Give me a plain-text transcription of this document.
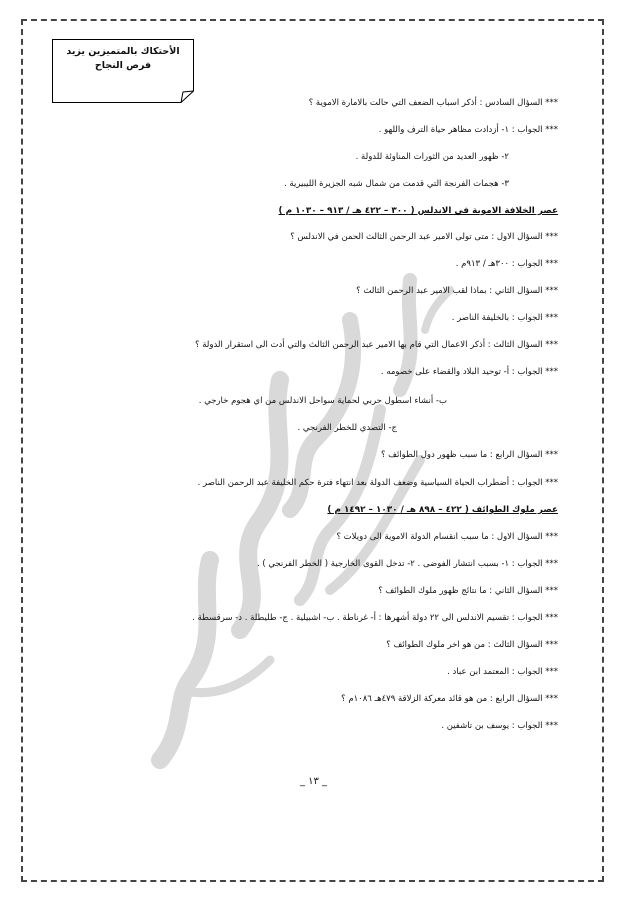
الأحتكاك بالمتميزين يزيد فرص النجاح
*** السؤال السادس : أذكر اسباب الضعف التي حالت بالامارة الاموية ؟
*** الجواب : ١- أزدادت مظاهر حياة الترف واللهو .
٢- ظهور العديد من الثورات المناوئة للدولة .
٣- هجمات الفرنجة التي قدمت من شمال شبه الجزيرة الليبيرية .
عصر الخلافة الاموية في الاندلس ( ٣٠٠ – ٤٢٢ هـ / ٩١٣ – ١٠٣٠ م )
*** السؤال الاول : متى تولى الامير عبد الرحمن الثالث الحمن في الاندلس ؟
*** الجواب : ٣٠٠هـ / ٩١٣م .
*** السؤال الثاني : بماذا لقب الامير عبد الرحمن الثالث ؟
*** الجواب : بالخليفة الناصر .
*** السؤال الثالث : أذكر الاعمال التي قام بها الامير عبد الرحمن الثالث والتي أدت الى استقرار الدولة ؟
*** الجواب : أ- توحيد البلاد والقضاء على خصومه .
ب- أنشاء اسطول حربي لحماية سواحل الاندلس من اي هجوم خارجي .
ج- التصدي للخطر الفرنجي .
*** السؤال الرابع : ما سبب ظهور دول الطوائف ؟
*** الجواب : أضطراب الحياة السياسية وضعف الدولة بعد انتهاء فترة حكم الخليفة عبد الرحمن الناصر .
عصر ملوك الطوائف ( ٤٢٢ – ٨٩٨ هـ / ١٠٣٠ – ١٤٩٢ م )
*** السؤال الاول : ما سبب انقسام الدولة الاموية الى دويلات ؟
*** الجواب : ١- بسبب انتشار الفوضى . ٢- تدخل القوى الخارجية ( الخطر الفرنجي ) .
*** السؤال الثاني : ما نتائج ظهور ملوك الطوائف ؟
*** الجواب : تقسيم الاندلس الى ٢٢ دولة أشهرها : أ- غرناطة . ب- اشبيلية . ج- طليطلة . د- سرقسطة .
*** السؤال الثالث : من هو اخر ملوك الطوائف ؟
*** الجواب : المعتمد ابن عباد .
*** السؤال الرابع : من هو قائد معركة الزلاقة ٤٧٩هـ ١٠٨٦م ؟
*** الجواب : يوسف بن تاشفين .
_ ١٣ _
